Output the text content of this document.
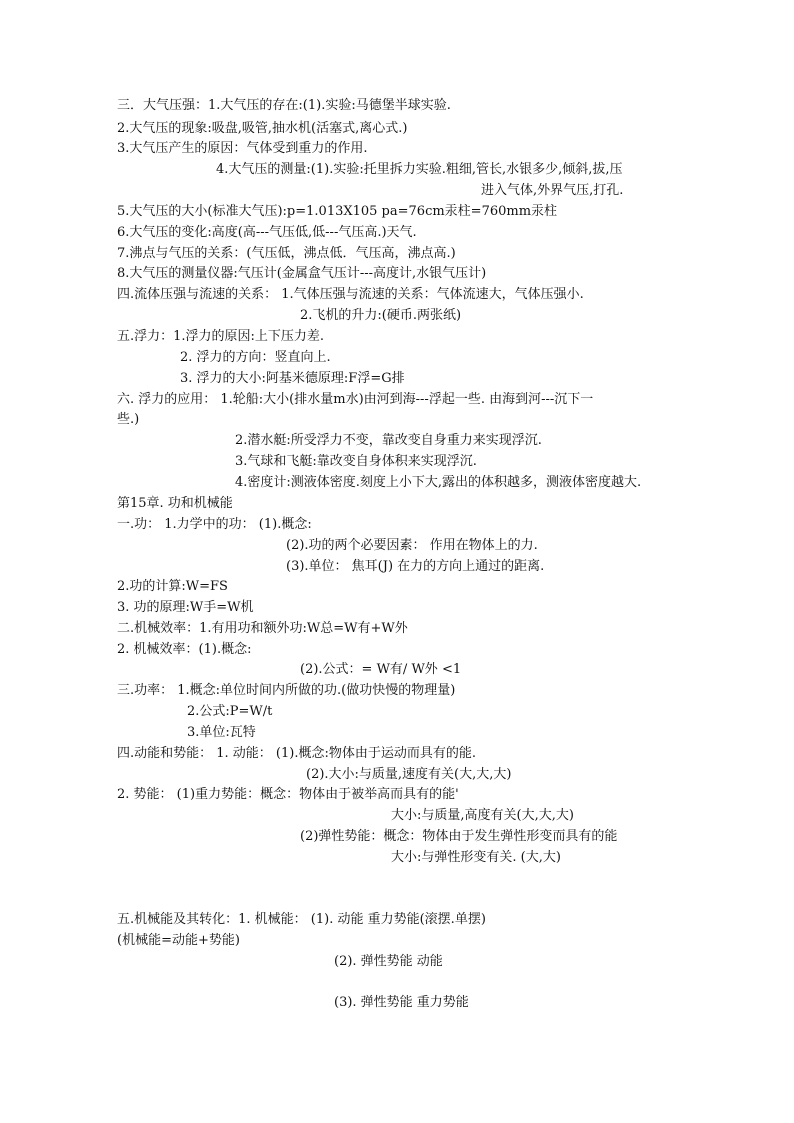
三．大气压强：1.大气压的存在:(1).实验:马德堡半球实验.
2.大气压的现象:吸盘,吸管,抽水机(活塞式,离心式.)
3.大气压产生的原因：气体受到重力的作用.
4.大气压的测量:(1).实验:托里拆力实验.粗细,管长,水银多少,倾斜,拔,压
进入气体,外界气压,打孔.
5.大气压的大小(标准大气压):p=1.013X105 pa=76cm汞柱=760mm汞柱
6.大气压的变化:高度(高---气压低,低---气压高.)天气.
7.沸点与气压的关系：(气压低，沸点低．气压高，沸点高.)
8.大气压的测量仪器:气压计(金属盒气压计---高度计,水银气压计)
四.流体压强与流速的关系： 1.气体压强与流速的关系：气体流速大，气体压强小.
2.飞机的升力:(硬币.两张纸)
五.浮力：1.浮力的原因:上下压力差.
2. 浮力的方向：竖直向上.
3. 浮力的大小:阿基米德原理:F浮=G排
六. 浮力的应用： 1.轮船:大小(排水量m水)由河到海---浮起一些. 由海到河---沉下一
些.)
2.潜水艇:所受浮力不变，靠改变自身重力来实现浮沉.
3.气球和飞艇:靠改变自身体积来实现浮沉.
4.密度计:测液体密度.刻度上小下大,露出的体积越多，测液体密度越大.
第15章. 功和机械能
一.功： 1.力学中的功： (1).概念:
(2).功的两个必要因素： 作用在物体上的力.
(3).单位： 焦耳(J) 在力的方向上通过的距离.
2.功的计算:W=FS
3. 功的原理:W手=W机
二.机械效率：1.有用功和额外功:W总=W有+W外
2. 机械效率：(1).概念:
(2).公式：= W有/ W外 <1
三.功率： 1.概念:单位时间内所做的功.(做功快慢的物理量)
2.公式:P=W/t
3.单位:瓦特
四.动能和势能： 1. 动能： (1).概念:物体由于运动而具有的能.
(2).大小:与质量,速度有关(大,大,大)
2. 势能： (1)重力势能：概念：物体由于被举高而具有的能'
大小:与质量,高度有关(大,大,大)
(2)弹性势能：概念：物体由于发生弹性形变而具有的能
大小:与弹性形变有关. (大,大)
五.机械能及其转化：1. 机械能： (1). 动能 重力势能(滚摆.单摆)
(机械能=动能+势能)
(2). 弹性势能 动能
(3). 弹性势能 重力势能
